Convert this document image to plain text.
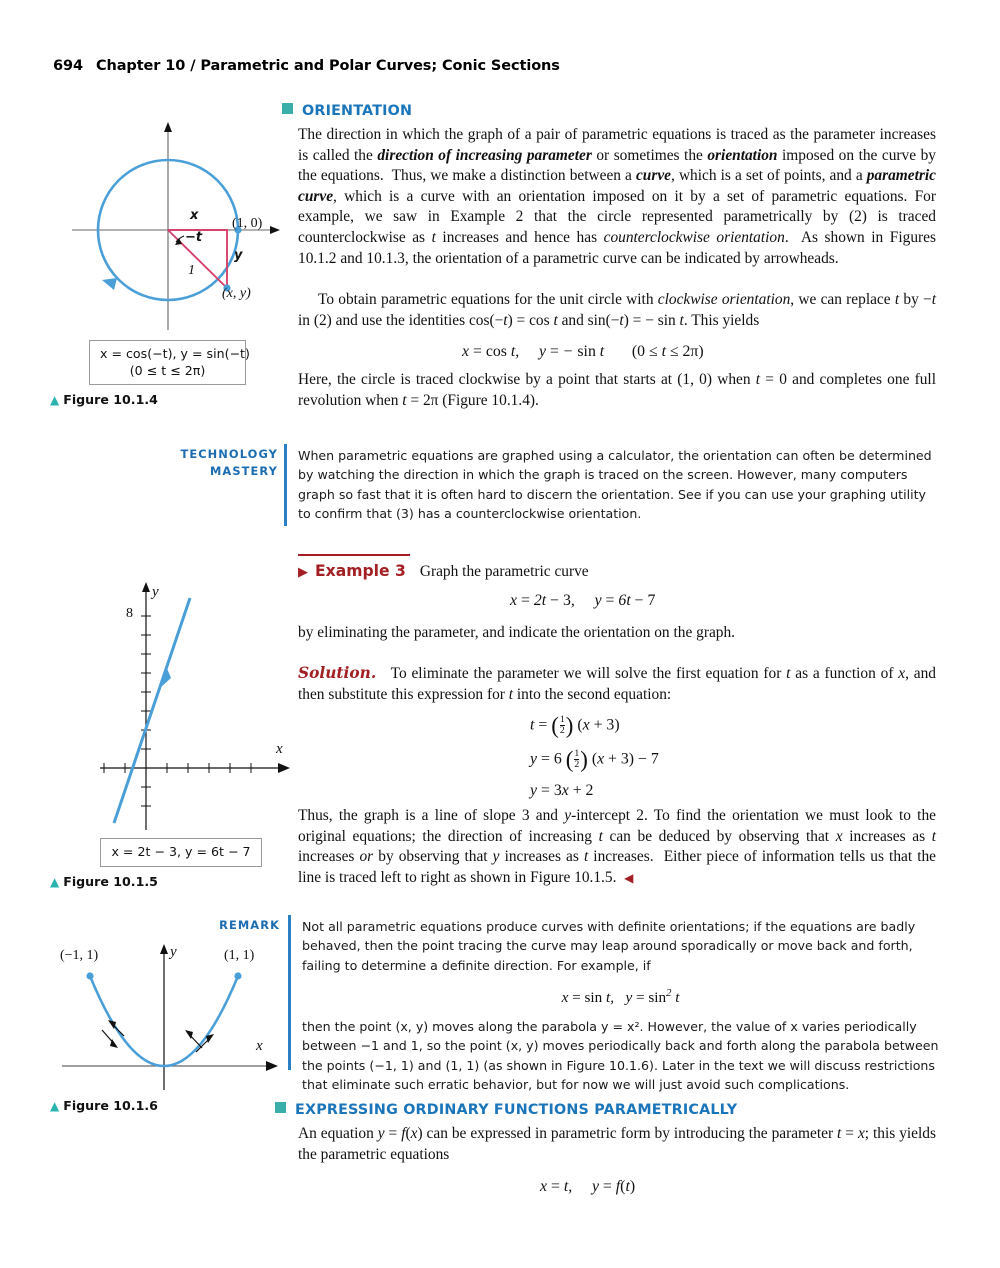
694 Chapter 10 / Parametric and Polar Curves; Conic Sections
(1, 0)
(x, y)
x
y
1
−t
x = cos(−t), y = sin(−t)
(0 ≤ t ≤ 2π)
▲ Figure 10.1.4
ORIENTATION

The direction in which the graph of a pair of parametric equations is traced as the parameter increases is called the direction of increasing parameter or sometimes the orientation imposed on the curve by the equations.  Thus, we make a distinction between a curve, which is a set of points, and a parametric curve, which is a curve with an orientation imposed on it by a set of parametric equations. For example, we saw in Example 2 that the circle represented parametrically by (2) is traced counterclockwise as t increases and hence has counterclockwise orientation.  As shown in Figures 10.1.2 and 10.1.3, the orientation of a parametric curve can be indicated by arrowheads.

To obtain parametric equations for the unit circle with clockwise orientation, we can replace t by −t in (2) and use the identities cos(−t) = cos t and sin(−t) = − sin t. This yields

x = cos t,     y = − sin t (0 ≤ t ≤ 2π)

Here, the circle is traced clockwise by a point that starts at (1, 0) when t = 0 and completes one full revolution when t = 2π (Figure 10.1.4).

TECHNOLOGY
MASTERY
When parametric equations are graphed using a calculator, the orientation can often be determined by watching the direction in which the graph is traced on the screen. However, many computers graph so fast that it is often hard to discern the orientation. See if you can use your graphing utility to confirm that (3) has a counterclockwise orientation.
▶ Example 3 Graph the parametric curve
x = 2t − 3,     y = 6t − 7

by eliminating the parameter, and indicate the orientation on the graph.

Solution.   To eliminate the parameter we will solve the first equation for t as a function of x, and then substitute this expression for t into the second equation:

t = ( $\frac{1}{2}$ ) (x + 3)
y = 6 ( $\frac{1}{2}$ ) (x + 3) − 7
y = 3x + 2

Thus, the graph is a line of slope 3 and y-intercept 2. To find the orientation we must look to the original equations; the direction of increasing t can be deduced by observing that x increases as t increases or by observing that y increases as t increases.  Either piece of information tells us that the line is traced left to right as shown in Figure 10.1.5.  ◀

y
x
8
x = 2t − 3, y = 6t − 7
▲ Figure 10.1.5
REMARK Not all parametric equations produce curves with definite orientations; if the equations are badly behaved, then the point tracing the curve may leap around sporadically or move back and forth, failing to determine a definite direction. For example, if
x = sin t,   $y = \sin^2 t$
then the point (x, y) moves along the parabola y = x². However, the value of x varies periodically between −1 and 1, so the point (x, y) moves periodically back and forth along the parabola between the points (−1, 1) and (1, 1) (as shown in Figure 10.1.6). Later in the text we will discuss restrictions that eliminate such erratic behavior, but for now we will just avoid such complications.
(−1, 1)	(1, 1)
y
x
▲ Figure 10.1.6	EXPRESSING ORDINARY FUNCTIONS PARAMETRICALLY

An equation y = f(x) can be expressed in parametric form by introducing the parameter t = x; this yields the parametric equations

x = t,     y = f(t)
